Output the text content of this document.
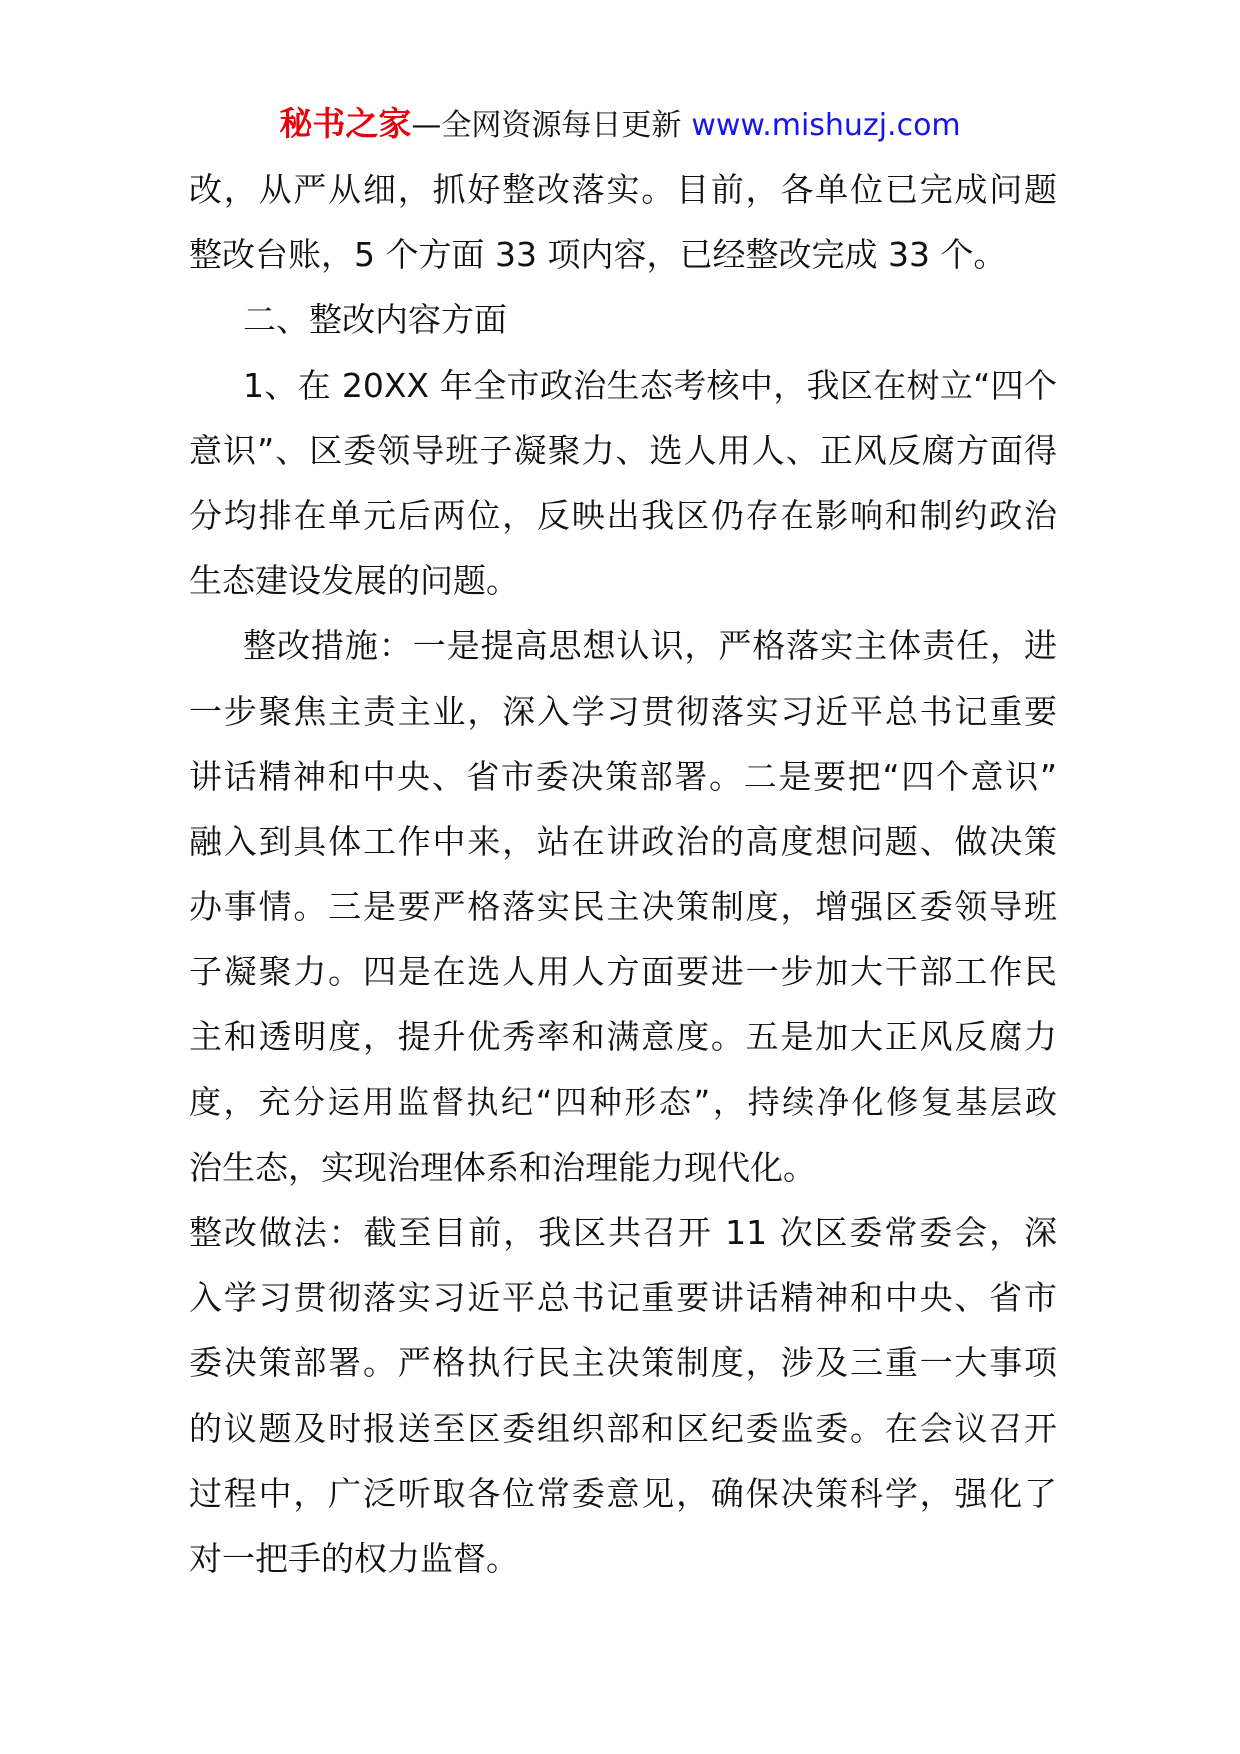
秘书之家—全网资源每日更新 www.mishuzj.com
改，从严从细，抓好整改落实。目前，各单位已完成问题
整改台账，5 个方面 33 项内容，已经整改完成 33 个。
二、整改内容方面
1、在 20XX 年全市政治生态考核中，我区在树立“四个
意识”、区委领导班子凝聚力、选人用人、正风反腐方面得
分均排在单元后两位，反映出我区仍存在影响和制约政治
生态建设发展的问题。
整改措施：一是提高思想认识，严格落实主体责任，进
一步聚焦主责主业，深入学习贯彻落实习近平总书记重要
讲话精神和中央、省市委决策部署。二是要把“四个意识”
融入到具体工作中来，站在讲政治的高度想问题、做决策
办事情。三是要严格落实民主决策制度，增强区委领导班
子凝聚力。四是在选人用人方面要进一步加大干部工作民
主和透明度，提升优秀率和满意度。五是加大正风反腐力
度，充分运用监督执纪“四种形态”，持续净化修复基层政
治生态，实现治理体系和治理能力现代化。
整改做法：截至目前，我区共召开 11 次区委常委会，深
入学习贯彻落实习近平总书记重要讲话精神和中央、省市
委决策部署。严格执行民主决策制度，涉及三重一大事项
的议题及时报送至区委组织部和区纪委监委。在会议召开
过程中，广泛听取各位常委意见，确保决策科学，强化了
对一把手的权力监督。
